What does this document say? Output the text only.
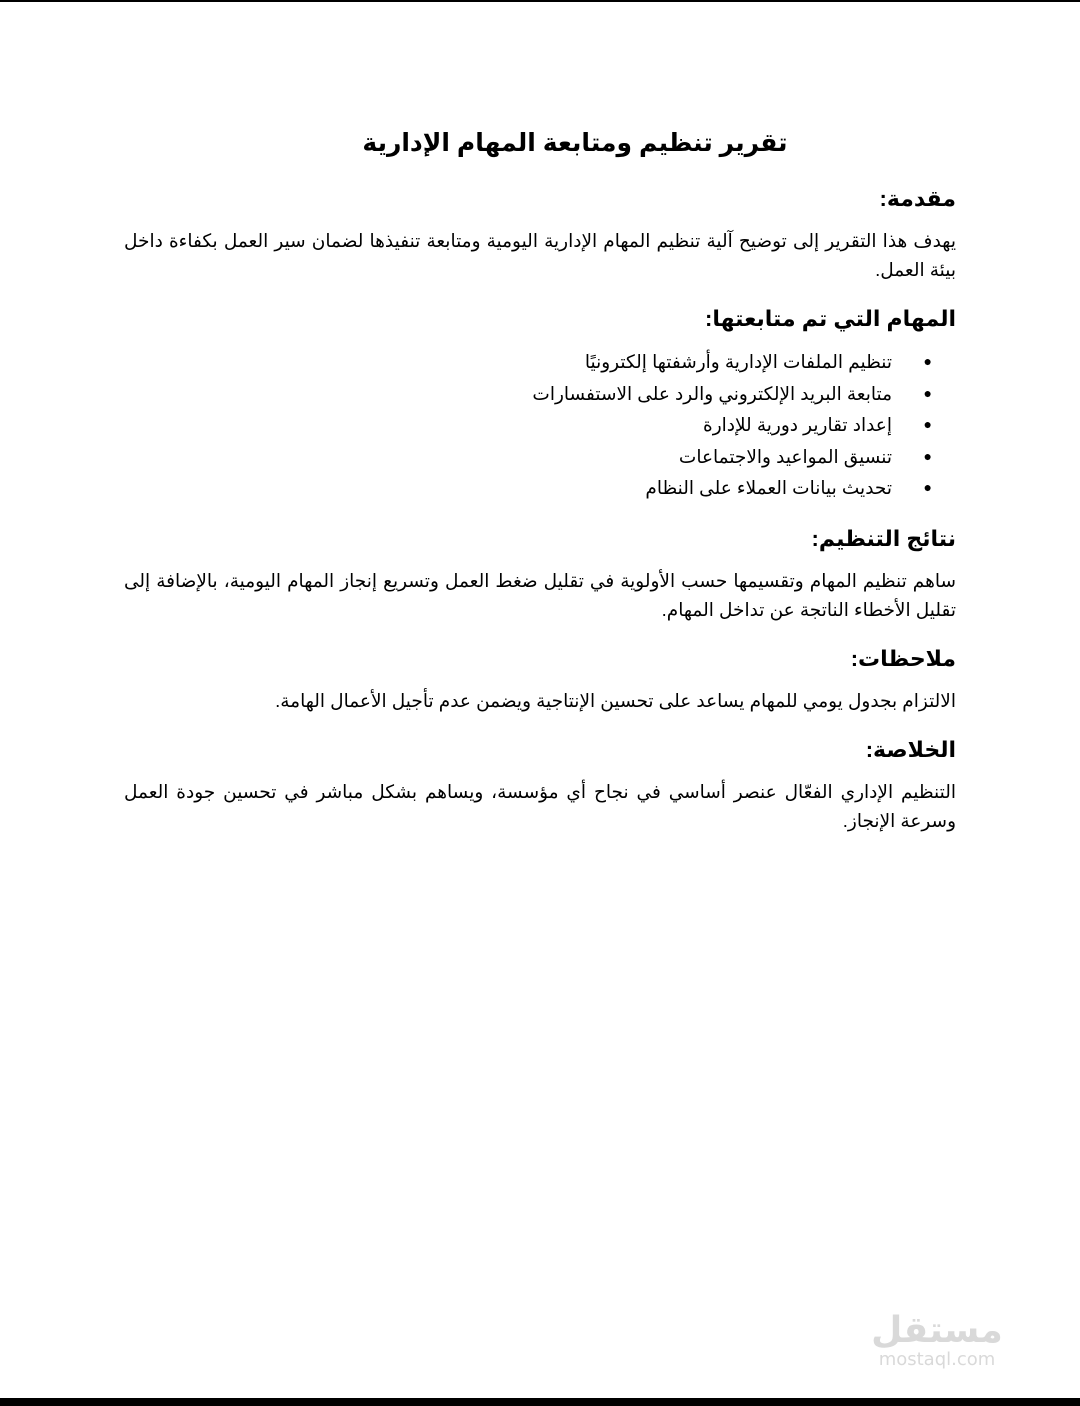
تقرير تنظيم ومتابعة المهام الإدارية
مقدمة:

يهدف هذا التقرير إلى توضيح آلية تنظيم المهام الإدارية اليومية ومتابعة تنفيذها لضمان سير العمل بكفاءة داخل بيئة العمل.

المهام التي تم متابعتها:
●
تنظيم الملفات الإدارية وأرشفتها إلكترونيًا
●
متابعة البريد الإلكتروني والرد على الاستفسارات
●
إعداد تقارير دورية للإدارة
●
تنسيق المواعيد والاجتماعات
●
تحديث بيانات العملاء على النظام
نتائج التنظيم:

ساهم تنظيم المهام وتقسيمها حسب الأولوية في تقليل ضغط العمل وتسريع إنجاز المهام اليومية، بالإضافة إلى تقليل الأخطاء الناتجة عن تداخل المهام.

ملاحظات:

الالتزام بجدول يومي للمهام يساعد على تحسين الإنتاجية ويضمن عدم تأجيل الأعمال الهامة.

الخلاصة:

التنظيم الإداري الفعّال عنصر أساسي في نجاح أي مؤسسة، ويساهم بشكل مباشر في تحسين جودة العمل وسرعة الإنجاز.

مستقل
mostaql.com
